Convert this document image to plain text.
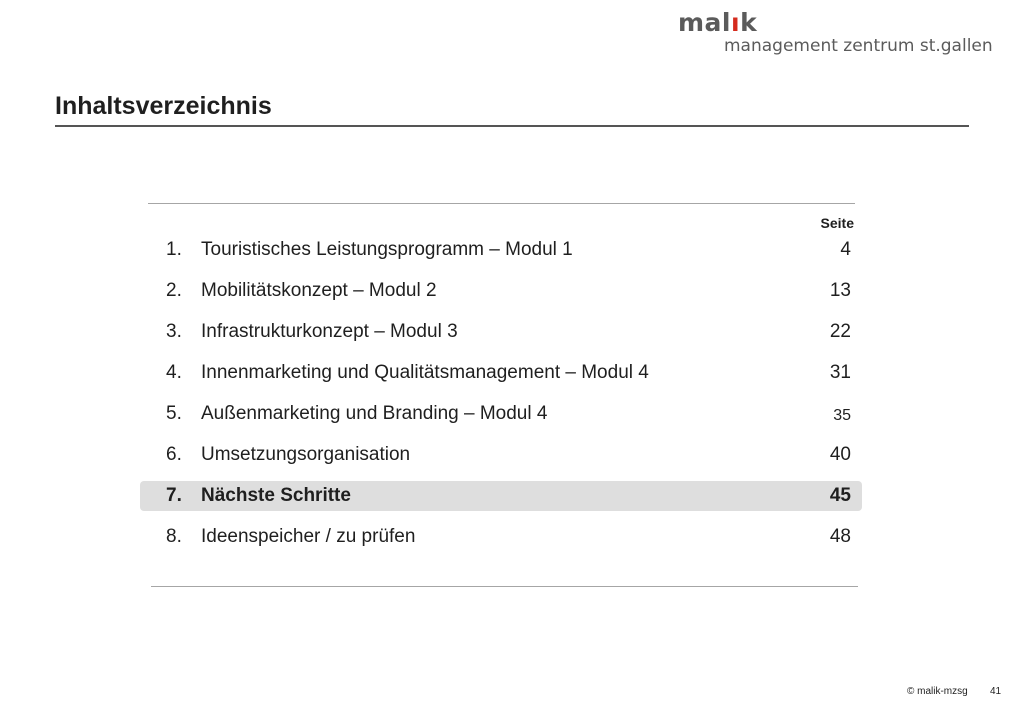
malık
management zentrum st.gallen
Inhaltsverzeichnis
Seite
1. Touristisches Leistungsprogramm – Modul 1	4
2. Mobilitätskonzept – Modul 2	13
3. Infrastrukturkonzept – Modul 3	22
4. Innenmarketing und Qualitätsmanagement – Modul 4	31
5. Außenmarketing und Branding – Modul 4	35
6. Umsetzungsorganisation	40
7. Nächste Schritte	45
8. Ideenspeicher / zu prüfen	48
© malik-mzsg 41
